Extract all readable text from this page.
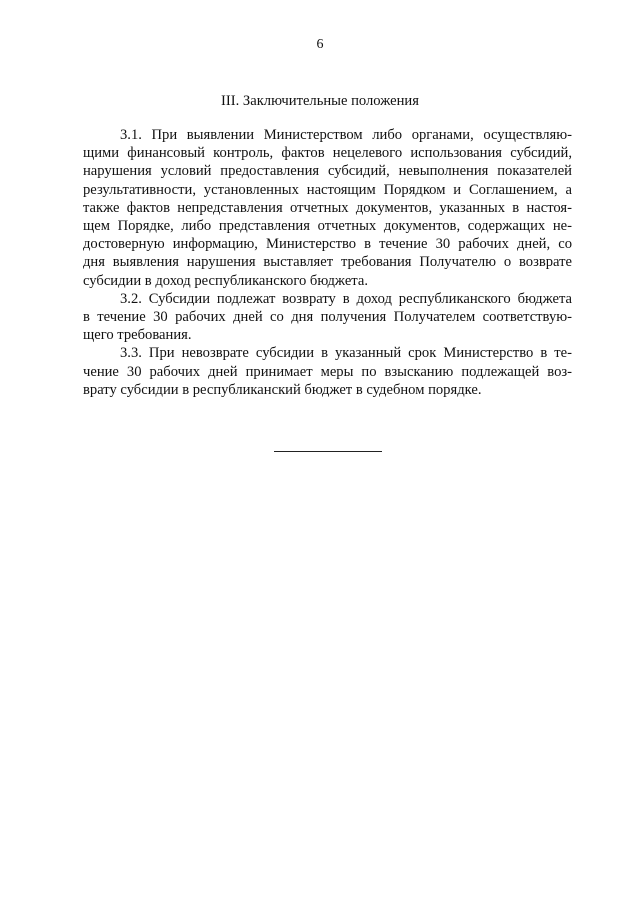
6
III. Заключительные положения

3.1. При выявлении Министерством либо органами, осуществляю-
щими финансовый контроль, фактов нецелевого использования субсидий,
нарушения условий предоставления субсидий, невыполнения показателей
результативности, установленных настоящим Порядком и Соглашением, а
также фактов непредставления отчетных документов, указанных в настоя-
щем Порядке, либо представления отчетных документов, содержащих не-
достоверную информацию, Министерство в течение 30 рабочих дней, со
дня выявления нарушения выставляет требования Получателю о возврате
субсидии в доход республиканского бюджета.

3.2. Субсидии подлежат возврату в доход республиканского бюджета
в течение 30 рабочих дней со дня получения Получателем соответствую-
щего требования.

3.3. При невозврате субсидии в указанный срок Министерство в те-
чение 30 рабочих дней принимает меры по взысканию подлежащей воз-
врату субсидии в республиканский бюджет в судебном порядке.
